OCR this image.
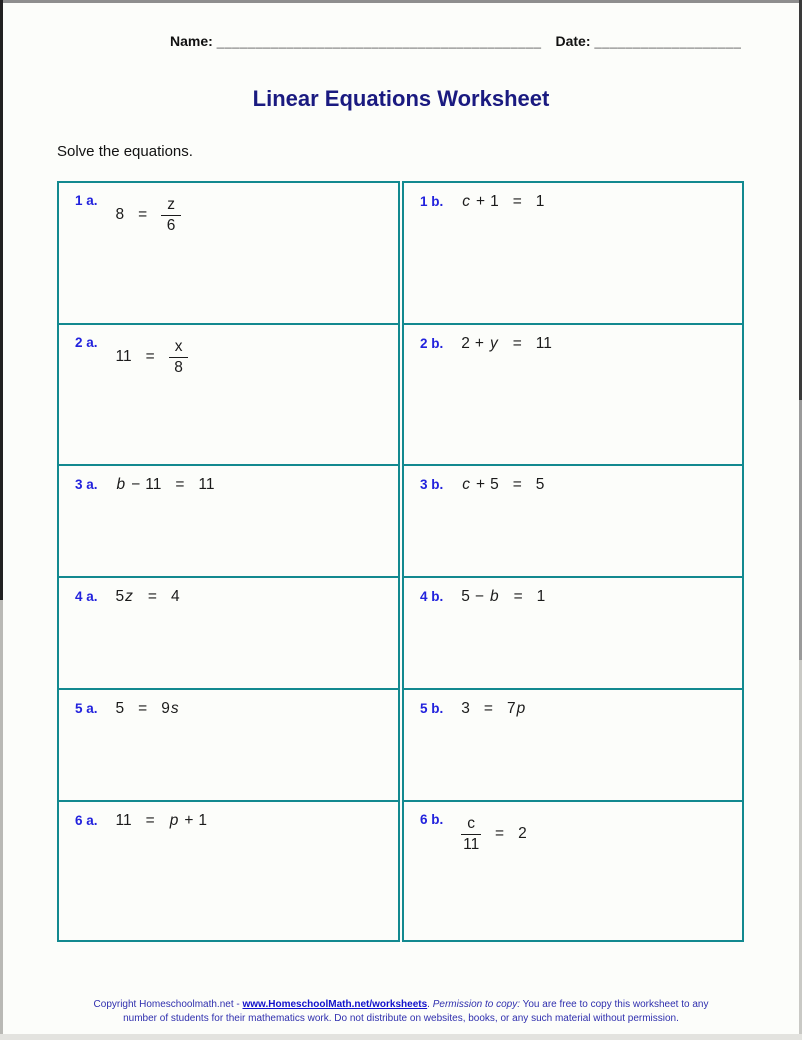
Name: __________________________________________ Date: ___________________
Linear Equations Worksheet
Solve the equations.
1 a.
$8 = \frac{z}{6}$
2 a.
$11 = \frac{x}{8}$
3 a. b − 11 = 11
4 a. 5 z = 4
5 a. 5 = 9 s
6 a. 11 = p + 1
1 b. c + 1 = 1
2 b. 2 + y = 11
3 b. c + 5 = 5
4 b. 5 − b = 1
5 b. 3 = 7 p
6 b. $\frac{c}{11} = 2$
Copyright Homeschoolmath.net - www.HomeschoolMath.net/worksheets. Permission to copy: You are free to copy this worksheet to any
number of students for their mathematics work. Do not distribute on websites, books, or any such material without permission.
